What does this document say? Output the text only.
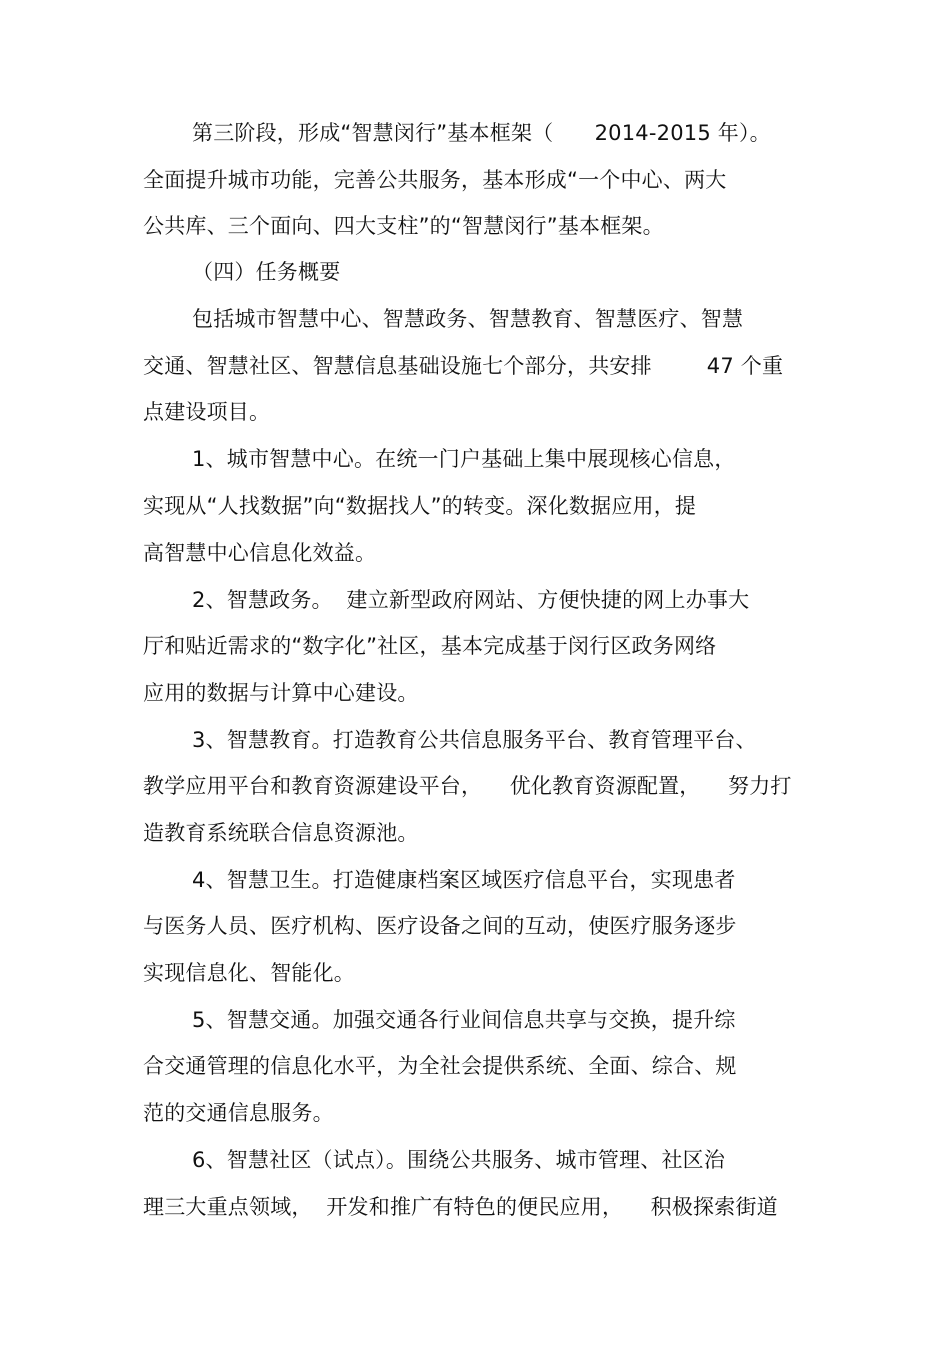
第三阶段，形成“智慧闵行”基本框架（      2014-2015 年）。
全面提升城市功能，完善公共服务，基本形成“一个中心、两大
公共库、三个面向、四大支柱”的“智慧闵行”基本框架。
（四）任务概要
包括城市智慧中心、智慧政务、智慧教育、智慧医疗、智慧
交通、智慧社区、智慧信息基础设施七个部分，共安排        47 个重
点建设项目。
1、城市智慧中心。在统一门户基础上集中展现核心信息，
实现从“人找数据”向“数据找人”的转变。深化数据应用，提
高智慧中心信息化效益。
2、智慧政务。  建立新型政府网站、方便快捷的网上办事大
厅和贴近需求的“数字化”社区，基本完成基于闵行区政务网络
应用的数据与计算中心建设。
3、智慧教育。打造教育公共信息服务平台、教育管理平台、
教学应用平台和教育资源建设平台，    优化教育资源配置，    努力打
造教育系统联合信息资源池。
4、智慧卫生。打造健康档案区域医疗信息平台，实现患者
与医务人员、医疗机构、医疗设备之间的互动，使医疗服务逐步
实现信息化、智能化。
5、智慧交通。加强交通各行业间信息共享与交换，提升综
合交通管理的信息化水平，为全社会提供系统、全面、综合、规
范的交通信息服务。
6、智慧社区（试点）。围绕公共服务、城市管理、社区治
理三大重点领域，  开发和推广有特色的便民应用，    积极探索街道
